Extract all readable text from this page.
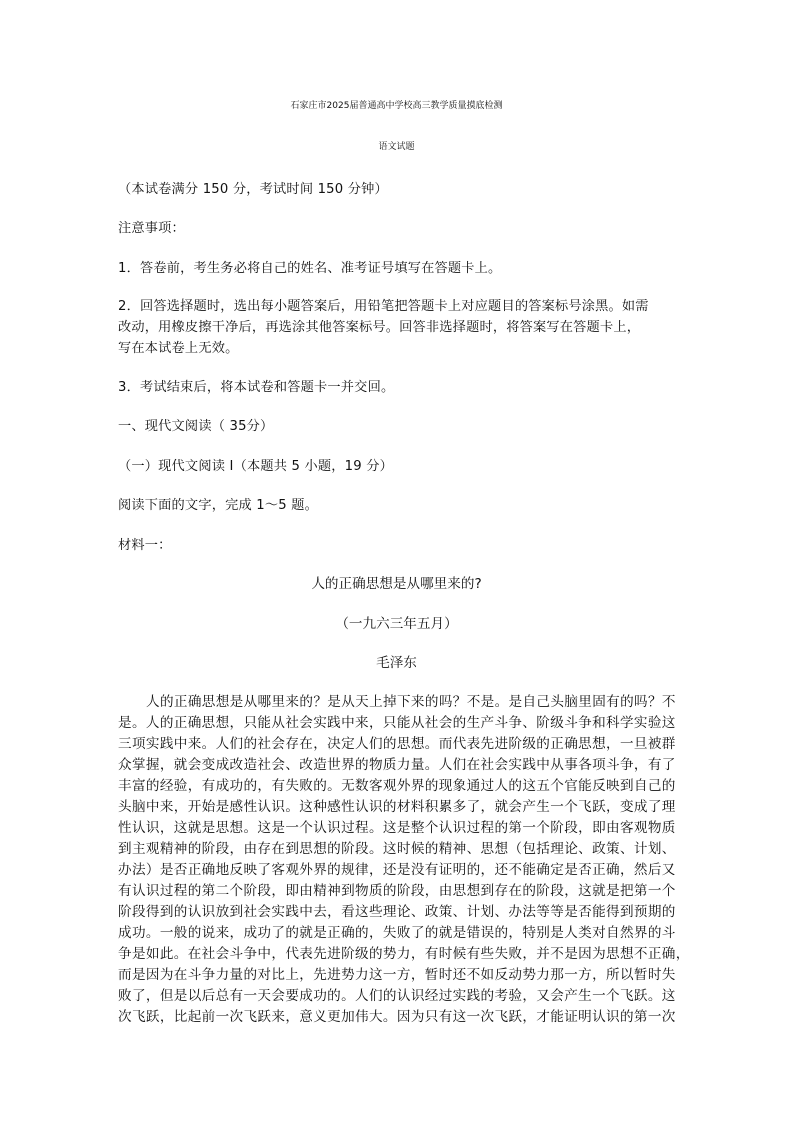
石家庄市2025届普通高中学校高三教学质量摸底检测
语文试题
（本试卷满分 150 分，考试时间 150 分钟）
注意事项：
1．答卷前，考生务必将自己的姓名、准考证号填写在答题卡上。
2．回答选择题时，选出每小题答案后，用铅笔把答题卡上对应题目的答案标号涂黑。如需
改动，用橡皮擦干净后，再选涂其他答案标号。回答非选择题时，将答案写在答题卡上，
写在本试卷上无效。
3．考试结束后，将本试卷和答题卡一并交回。
一、现代文阅读（ 35分）
（一）现代文阅读 Ⅰ（本题共 5 小题，19 分）
阅读下面的文字，完成 1～5 题。
材料一：
人的正确思想是从哪里来的?
（一九六三年五月）
毛泽东
人的正确思想是从哪里来的？是从天上掉下来的吗？不是。是自己头脑里固有的吗？不
是。人的正确思想，只能从社会实践中来，只能从社会的生产斗争、阶级斗争和科学实验这
三项实践中来。人们的社会存在，决定人们的思想。而代表先进阶级的正确思想，一旦被群
众掌握，就会变成改造社会、改造世界的物质力量。人们在社会实践中从事各项斗争，有了
丰富的经验，有成功的，有失败的。无数客观外界的现象通过人的这五个官能反映到自己的
头脑中来，开始是感性认识。这种感性认识的材料积累多了，就会产生一个飞跃，变成了理
性认识，这就是思想。这是一个认识过程。这是整个认识过程的第一个阶段，即由客观物质
到主观精神的阶段，由存在到思想的阶段。这时候的精神、思想（包括理论、政策、计划、
办法）是否正确地反映了客观外界的规律，还是没有证明的，还不能确定是否正确，然后又
有认识过程的第二个阶段，即由精神到物质的阶段，由思想到存在的阶段，这就是把第一个
阶段得到的认识放到社会实践中去，看这些理论、政策、计划、办法等等是否能得到预期的
成功。一般的说来，成功了的就是正确的，失败了的就是错误的，特别是人类对自然界的斗
争是如此。在社会斗争中，代表先进阶级的势力，有时候有些失败，并不是因为思想不正确，
而是因为在斗争力量的对比上，先进势力这一方，暂时还不如反动势力那一方，所以暂时失
败了，但是以后总有一天会要成功的。人们的认识经过实践的考验，又会产生一个飞跃。这
次飞跃，比起前一次飞跃来，意义更加伟大。因为只有这一次飞跃，才能证明认识的第一次
